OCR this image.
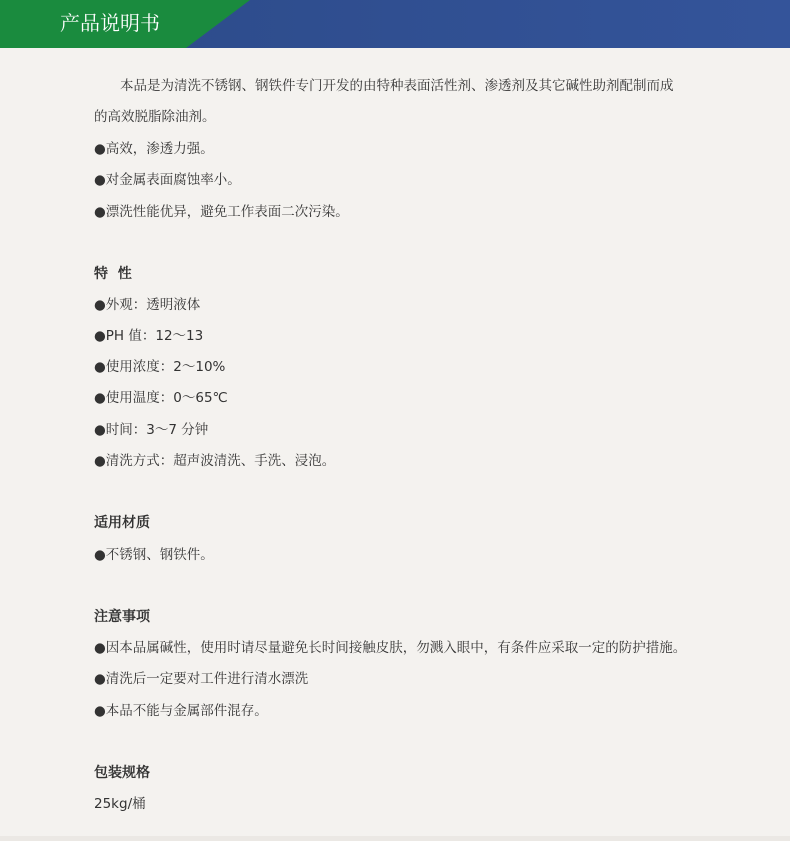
产品说明书
本品是为清洗不锈钢、钢铁件专门开发的由特种表面活性剂、渗透剂及其它碱性助剂配制而成
的高效脱脂除油剂。
●高效，渗透力强。
●对金属表面腐蚀率小。
●漂洗性能优异，避免工作表面二次污染。
特  性
●外观：透明液体
●PH 值：12～13
●使用浓度：2～10%
●使用温度：0～65℃
●时间：3～7 分钟
●清洗方式：超声波清洗、手洗、浸泡。
适用材质
●不锈钢、钢铁件。
注意事项
●因本品属碱性，使用时请尽量避免长时间接触皮肤，勿溅入眼中，有条件应采取一定的防护措施。
●清洗后一定要对工件进行清水漂洗
●本品不能与金属部件混存。
包装规格
25kg/桶
